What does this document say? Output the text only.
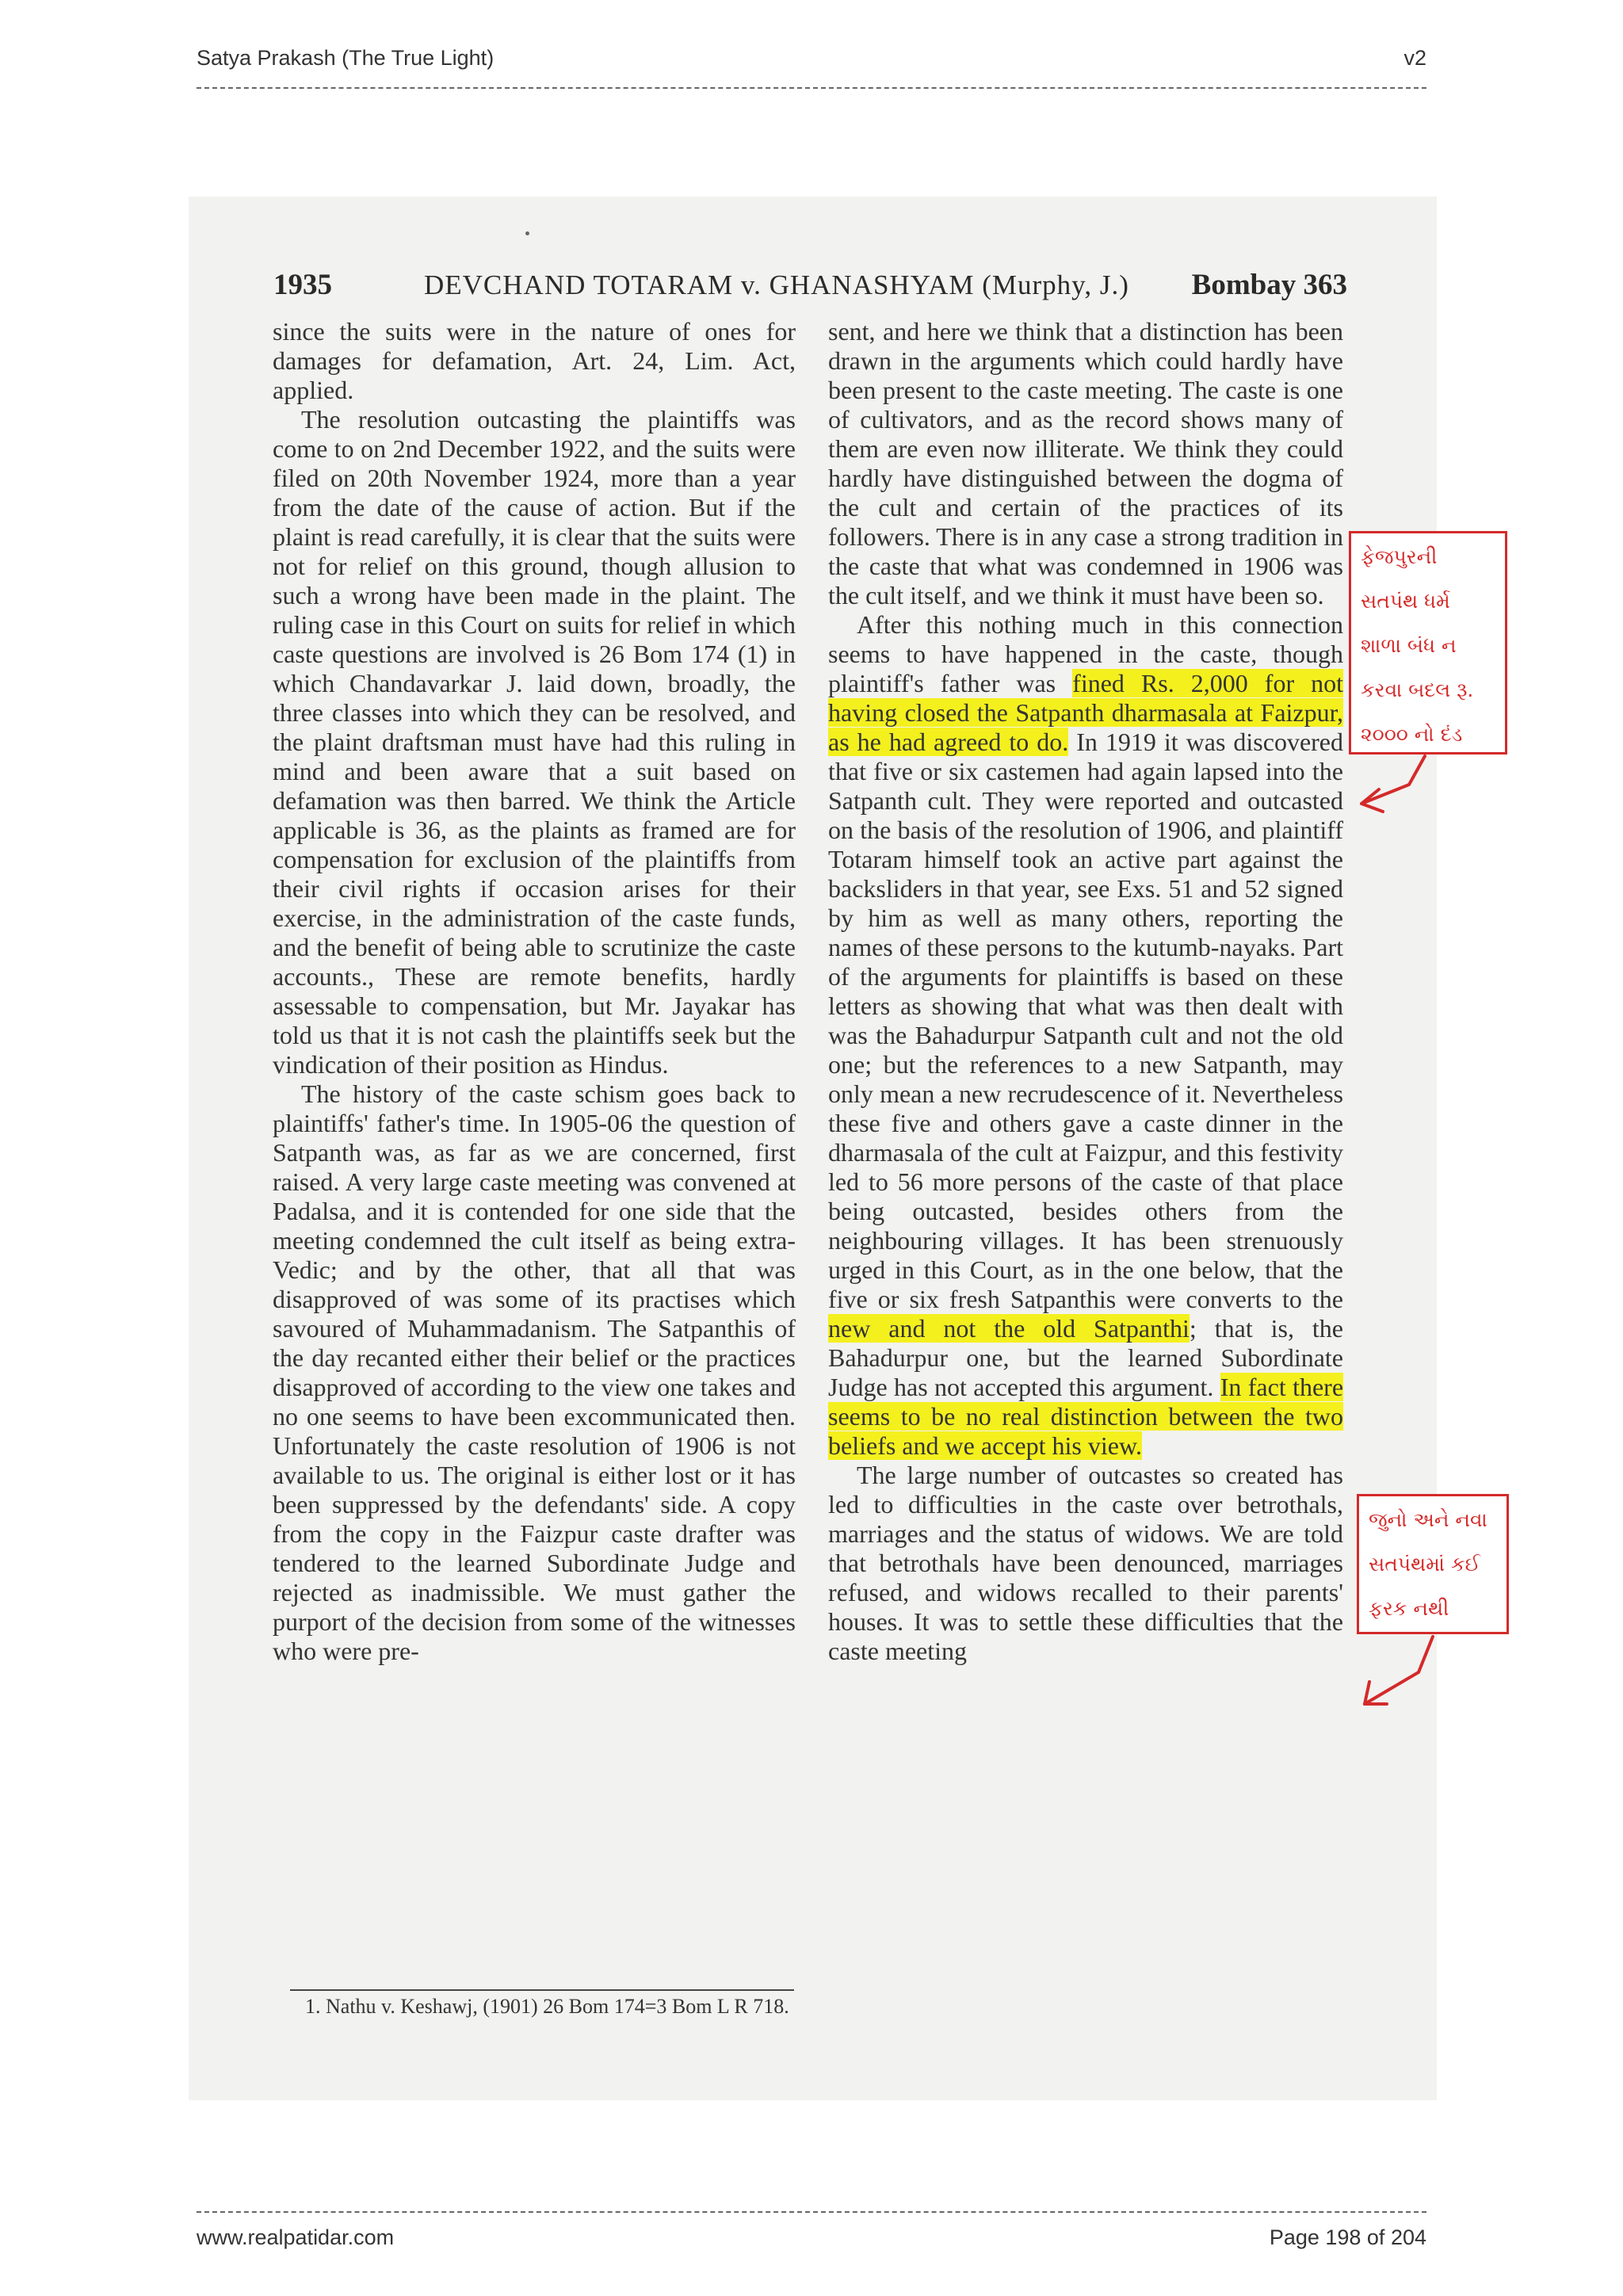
Satya Prakash (The True Light)	v2
1935	DEVCHAND TOTARAM v. GHANASHYAM (Murphy, J.) Bombay 363

since the suits were in the nature of ones for damages for defamation, Art. 24, Lim. Act, applied.

The resolution outcasting the plaintiffs was come to on 2nd December 1922, and the suits were filed on 20th November 1924, more than a year from the date of the cause of action. But if the plaint is read carefully, it is clear that the suits were not for relief on this ground, though allusion to such a wrong have been made in the plaint. The ruling case in this Court on suits for relief in which caste questions are involved is 26 Bom 174 (1) in which Chandavarkar J. laid down, broadly, the three classes into which they can be resolved, and the plaint draftsman must have had this ruling in mind and been aware that a suit based on defamation was then barred. We think the Article applicable is 36, as the plaints as framed are for compensation for exclusion of the plaintiffs from their civil rights if occasion arises for their exercise, in the administration of the caste funds, and the benefit of being able to scrutinize the caste accounts., These are remote benefits, hardly assessable to compensation, but Mr. Jayakar has told us that it is not cash the plaintiffs seek but the vindication of their position as Hindus.

The history of the caste schism goes back to plaintiffs' father's time. In 1905-06 the question of Satpanth was, as far as we are concerned, first raised. A very large caste meeting was convened at Padalsa, and it is contended for one side that the meeting condemned the cult itself as being extra-Vedic; and by the other, that all that was disapproved of was some of its practises which savoured of Muhammadanism. The Satpanthis of the day recanted either their belief or the practices disapproved of according to the view one takes and no one seems to have been excommunicated then. Unfortunately the caste resolution of 1906 is not available to us. The original is either lost or it has been suppressed by the defendants' side. A copy from the copy in the Faizpur caste drafter was tendered to the learned Subordinate Judge and rejected as inadmissible. We must gather the purport of the decision from some of the witnesses who were pre-

1. Nathu v. Keshawj, (1901) 26 Bom 174=3 Bom L R 718.

sent, and here we think that a distinction has been drawn in the arguments which could hardly have been present to the caste meeting. The caste is one of cultivators, and as the record shows many of them are even now illiterate. We think they could hardly have distinguished between the dogma of the cult and certain of the practices of its followers. There is in any case a strong tradition in the caste that what was condemned in 1906 was the cult itself, and we think it must have been so.

After this nothing much in this connection seems to have happened in the caste, though plaintiff's father was fined Rs. 2,000 for not having closed the Satpanth dharmasala at Faizpur, as he had agreed to do. In 1919 it was discovered that five or six castemen had again lapsed into the Satpanth cult. They were reported and outcasted on the basis of the resolution of 1906, and plaintiff Totaram himself took an active part against the backsliders in that year, see Exs. 51 and 52 signed by him as well as many others, reporting the names of these persons to the kutumb-nayaks. Part of the arguments for plaintiffs is based on these letters as showing that what was then dealt with was the Bahadurpur Satpanth cult and not the old one; but the references to a new Satpanth, may only mean a new recrudescence of it. Nevertheless these five and others gave a caste dinner in the dharmasala of the cult at Faizpur, and this festivity led to 56 more persons of the caste of that place being outcasted, besides others from the neighbouring villages. It has been strenuously urged in this Court, as in the one below, that the five or six fresh Satpanthis were converts to the new and not the old Satpanthi; that is, the Bahadurpur one, but the learned Subordinate Judge has not accepted this argument. In fact there seems to be no real distinction between the two beliefs and we accept his view.

The large number of outcastes so created has led to difficulties in the caste over betrothals, marriages and the status of widows. We are told that betrothals have been denounced, marriages refused, and widows recalled to their parents' houses. It was to settle these difficulties that the caste meeting

ફેજપુરની
સતપંથ ધર્મ
શાળા બંધ ન
કરવા બદલ રૂ.
૨૦૦૦ નો દંડ
જુનો અને નવા
સતપંથમાં કઈ
ફરક નથી
www.realpatidar.com	Page 198 of 204
